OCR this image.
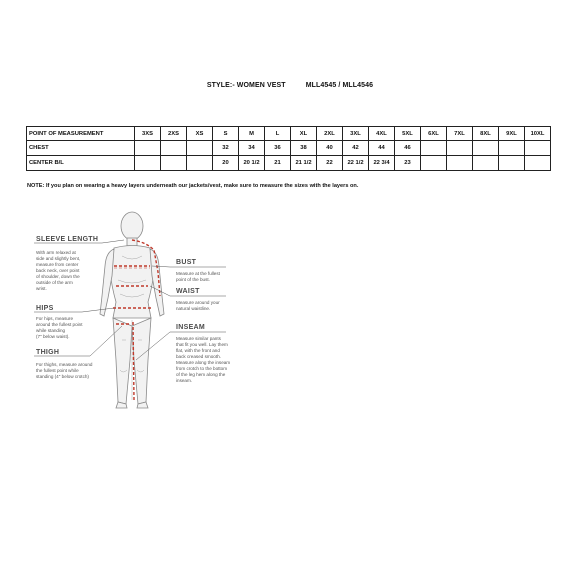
STYLE:- WOMEN VEST	MLL4545 / MLL4546
POINT OF MEASUREMENT	3XS	2XS	XS	S	M	L	XL	2XL	3XL	4XL	5XL	6XL	7XL	8XL	9XL	10XL
CHEST				32	34	36	38	40	42	44	46					
CENTER B/L				20	20 1/2	21	21 1/2	22	22 1/2	22 3/4	23					
NOTE: If you plan on wearing a heavy layers underneath our jackets/vest, make sure to measure the sizes with the layers on.
SLEEVE LENGTH
With arm relaxed at
side and slightly bent,
measure from center
back neck, over point
of shoulder, down the
outside of the arm
wrist.
HIPS
For hips, measure
around the fullest point
while standing
(7" below waist).
THIGH
For thighs, measure around
the fullest point while
standing (4" below crotch)
BUST
Measure at the fullest
point of the bust.
WAIST
Measure around your
natural waistline.
INSEAM
Measure similar pants
that fit you well. Lay them
flat, with the front and
back creased smooth.
Measure along the inseam
from crotch to the bottom
of the leg hem along the
inseam.
